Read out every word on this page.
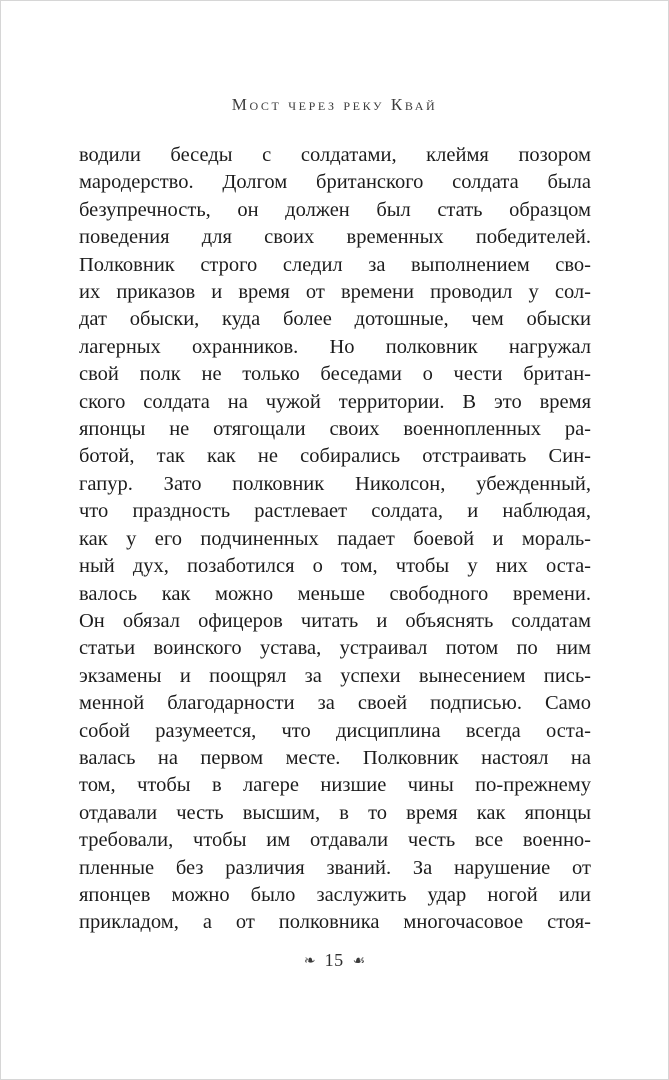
Мост через реку Квай
водили беседы с солдатами, клеймя позором
мародерство. Долгом британского солдата была
безупречность, он должен был стать образцом
поведения для своих временных победителей.
Полковник строго следил за выполнением сво-
их приказов и время от времени проводил у сол-
дат обыски, куда более дотошные, чем обыски
лагерных охранников. Но полковник нагружал
свой полк не только беседами о чести британ-
ского солдата на чужой территории. В это время
японцы не отягощали своих военнопленных ра-
ботой, так как не собирались отстраивать Син-
гапур. Зато полковник Николсон, убежденный,
что праздность растлевает солдата, и наблюдая,
как у его подчиненных падает боевой и мораль-
ный дух, позаботился о том, чтобы у них оста-
валось как можно меньше свободного времени.
Он обязал офицеров читать и объяснять солдатам
статьи воинского устава, устраивал потом по ним
экзамены и поощрял за успехи вынесением пись-
менной благодарности за своей подписью. Само
собой разумеется, что дисциплина всегда оста-
валась на первом месте. Полковник настоял на
том, чтобы в лагере низшие чины по-прежнему
отдавали честь высшим, в то время как японцы
требовали, чтобы им отдавали честь все военно-
пленные без различия званий. За нарушение от
японцев можно было заслужить удар ногой или
прикладом, а от полковника многочасовое стоя-
❧ 15 ☙
